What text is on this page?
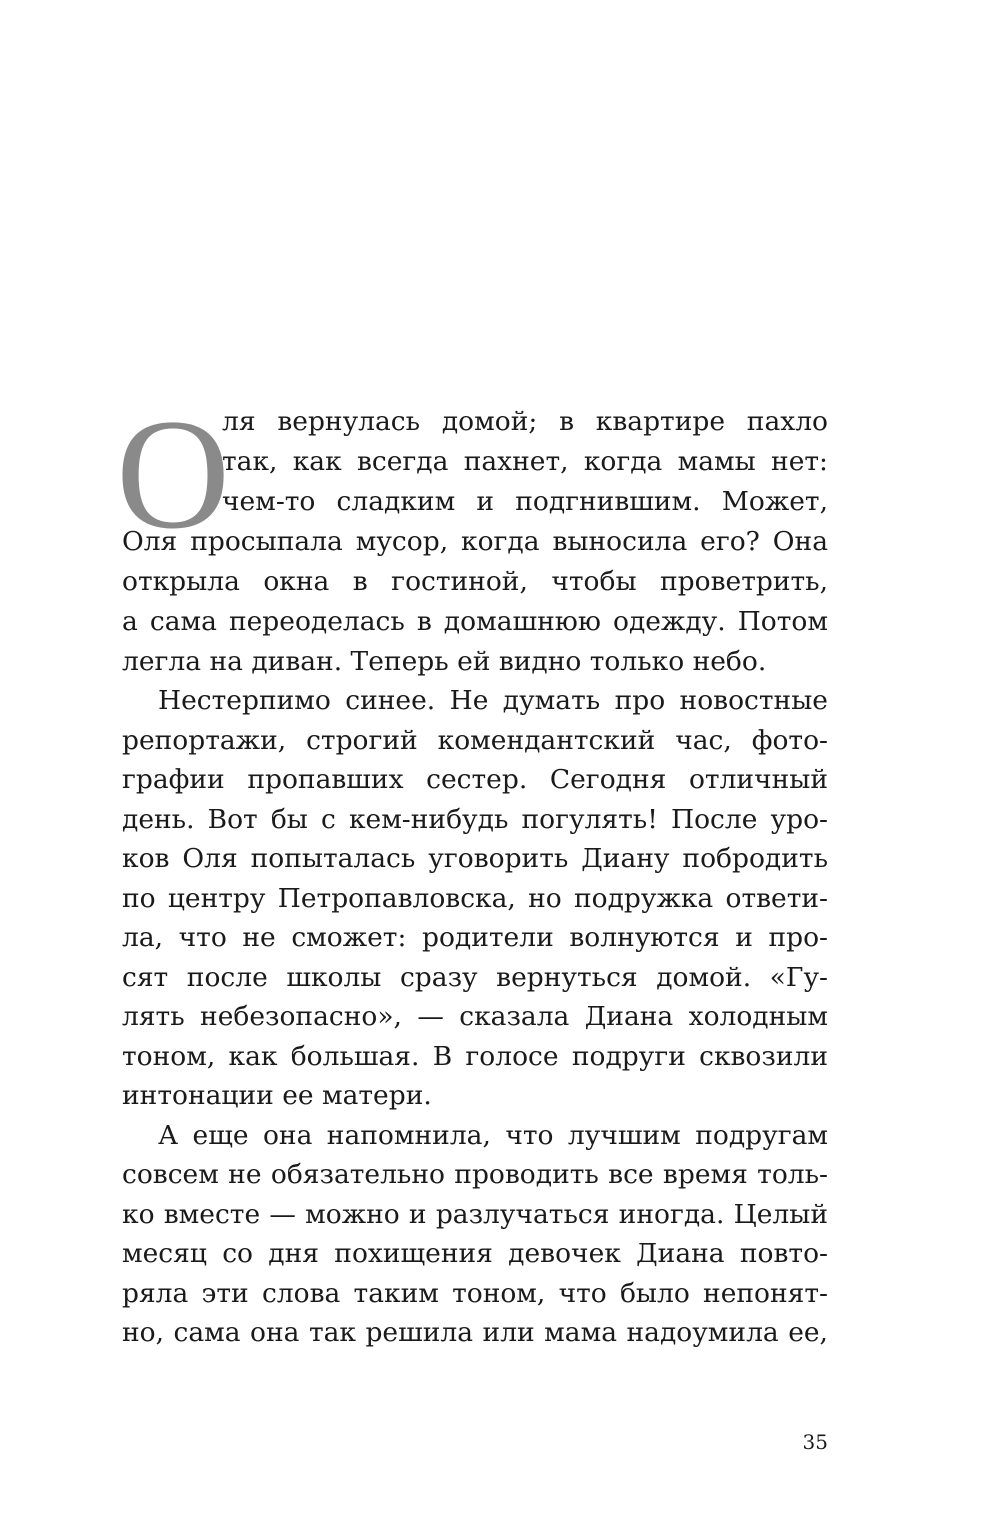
О
ля вернулась домой; в квартире пахло
так, как всегда пахнет, когда мамы нет:
чем-то сладким и подгнившим. Может,
Оля просыпала мусор, когда выносила его? Она
открыла окна в гостиной, чтобы проветрить,
а сама переоделась в домашнюю одежду. Потом
легла на диван. Теперь ей видно только небо.
Нестерпимо синее. Не думать про новостные
репортажи, строгий комендантский час, фото-
графии пропавших сестер. Сегодня отличный
день. Вот бы с кем-нибудь погулять! После уро-
ков Оля попыталась уговорить Диану побродить
по центру Петропавловска, но подружка ответи-
ла, что не сможет: родители волнуются и про-
сят после школы сразу вернуться домой. «Гу-
лять небезопасно», — сказала Диана холодным
тоном, как большая. В голосе подруги сквозили
интонации ее матери.
А еще она напомнила, что лучшим подругам
совсем не обязательно проводить все время толь-
ко вместе — можно и разлучаться иногда. Целый
месяц со дня похищения девочек Диана повто-
ряла эти слова таким тоном, что было непонят-
но, сама она так решила или мама надоумила ее,
35
